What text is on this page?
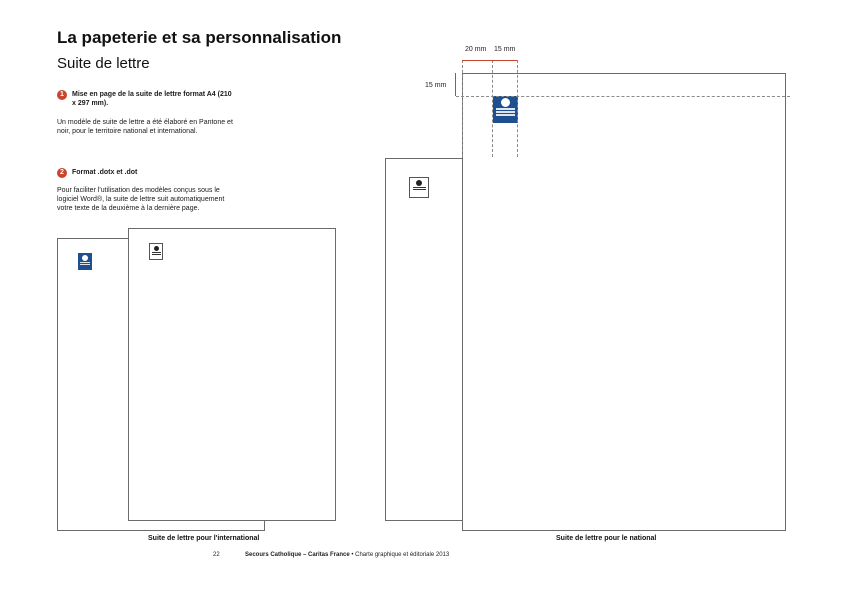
La papeterie et sa personnalisation
Suite de lettre
1	Mise en page de la suite de lettre format A4 (210 x 297 mm).
Un modèle de suite de lettre a été élaboré en Pantone et noir, pour le territoire national et international.
2	Format .dotx et .dot
Pour faciliter l'utilisation des modèles conçus sous le logiciel Word®, la suite de lettre suit automatiquement votre texte de la deuxième à la dernière page.
Suite de lettre pour l'international
20 mm 15 mm
15 mm
Suite de lettre pour le national
22	Secours Catholique – Caritas France • Charte graphique et éditoriale 2013
